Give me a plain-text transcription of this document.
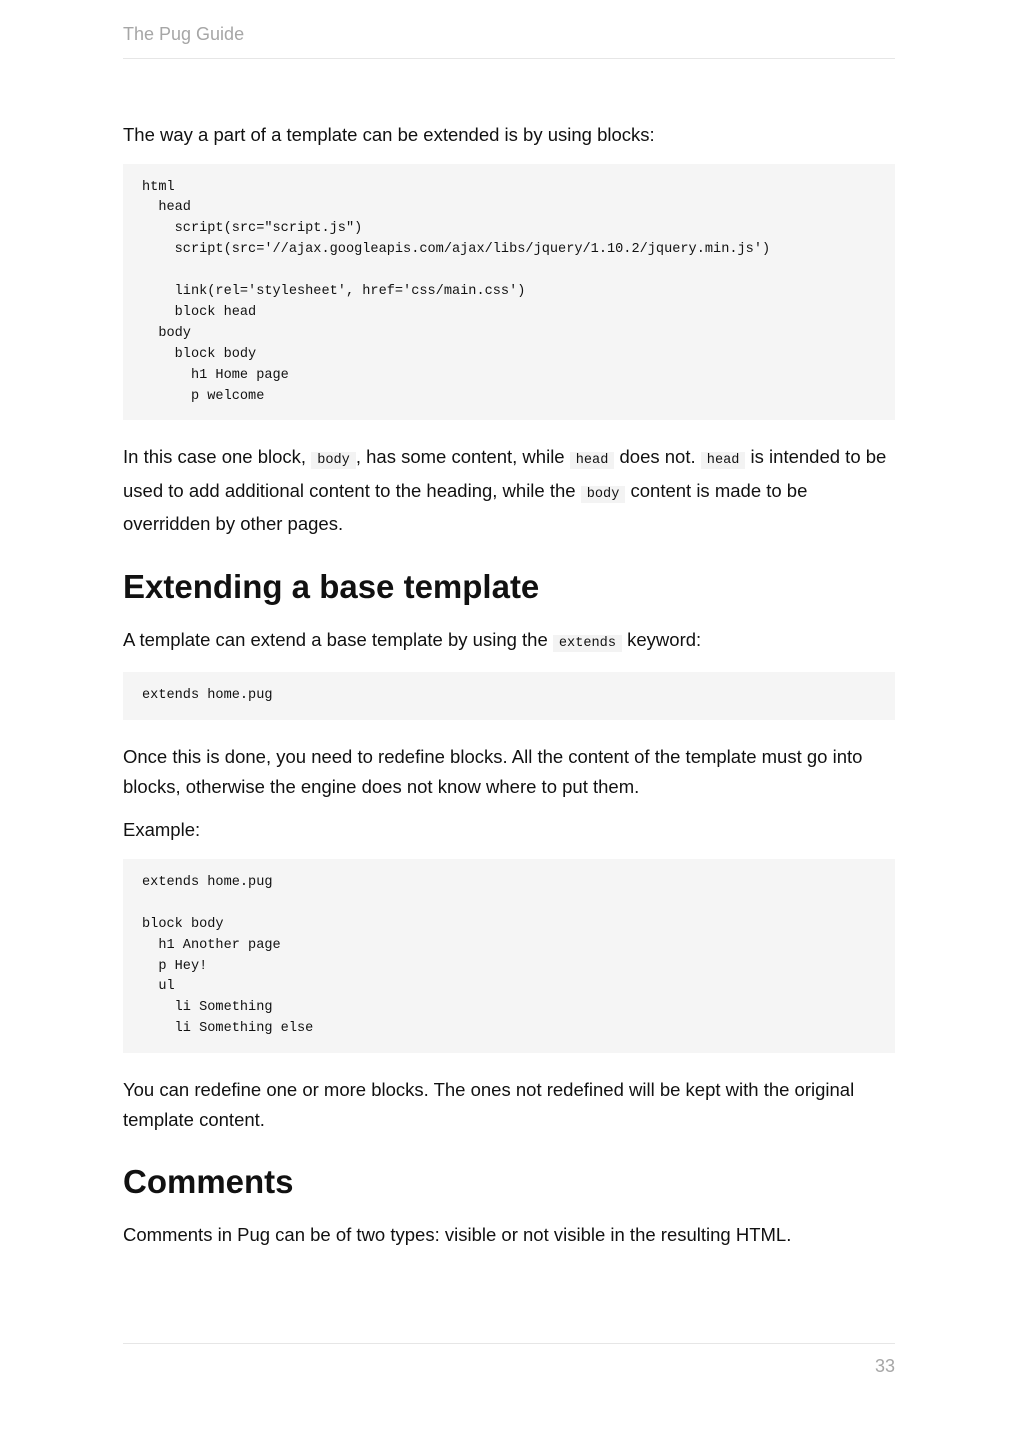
The Pug Guide

The way a part of a template can be extended is by using blocks:

html
head
script(src="script.js")
script(src='//ajax.googleapis.com/ajax/libs/jquery/1.10.2/jquery.min.js')

link(rel='stylesheet', href='css/main.css')
block head
body
block body
h1 Home page
p welcome

In this case one block, body , has some content, while head does not. head is intended to be used to add additional content to the heading, while the body content is made to be overridden by other pages.

Extending a base template

A template can extend a base template by using the extends keyword:

extends home.pug

Once this is done, you need to redefine blocks. All the content of the template must go into blocks, otherwise the engine does not know where to put them.

Example:

extends home.pug

block body
h1 Another page
p Hey!
ul
li Something
li Something else

You can redefine one or more blocks. The ones not redefined will be kept with the original template content.

Comments

Comments in Pug can be of two types: visible or not visible in the resulting HTML.

33
